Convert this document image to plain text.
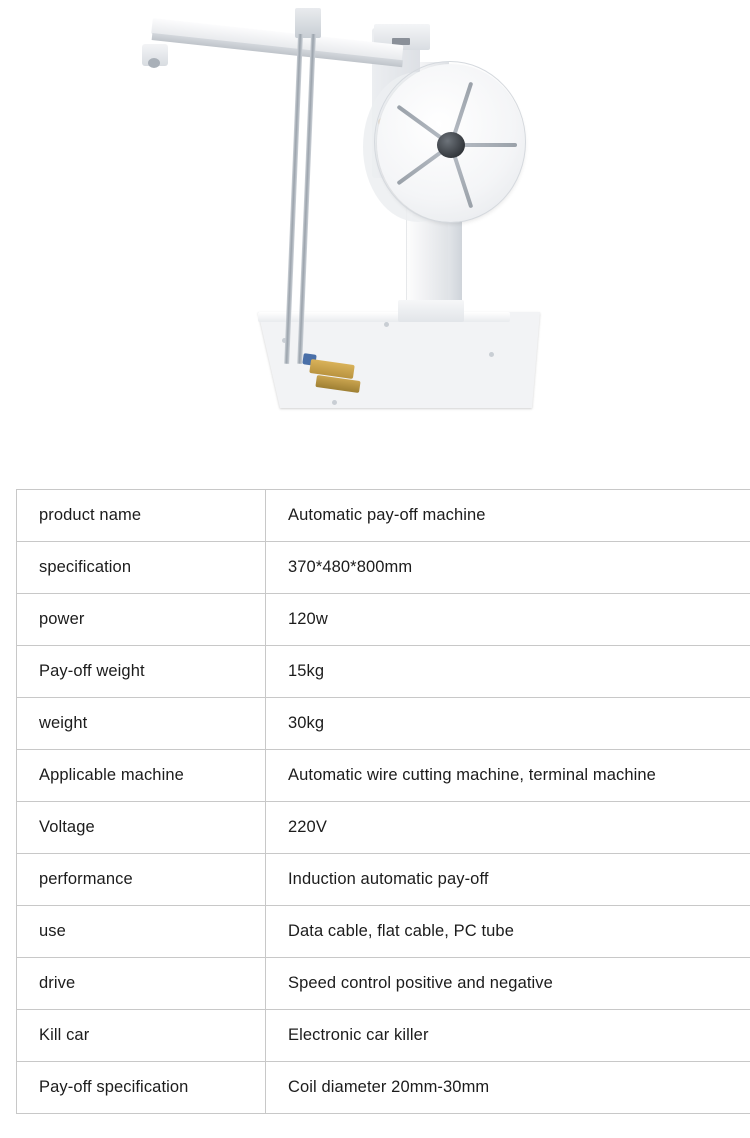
product name	Automatic pay-off machine
specification	370*480*800mm
power	120w
Pay-off weight	15kg
weight	30kg
Applicable machine	Automatic wire cutting machine, terminal machine
Voltage	220V
performance	Induction automatic pay-off
use	Data cable, flat cable, PC tube
drive	Speed control positive and negative
Kill car	Electronic car killer
Pay-off specification	Coil diameter 20mm-30mm
